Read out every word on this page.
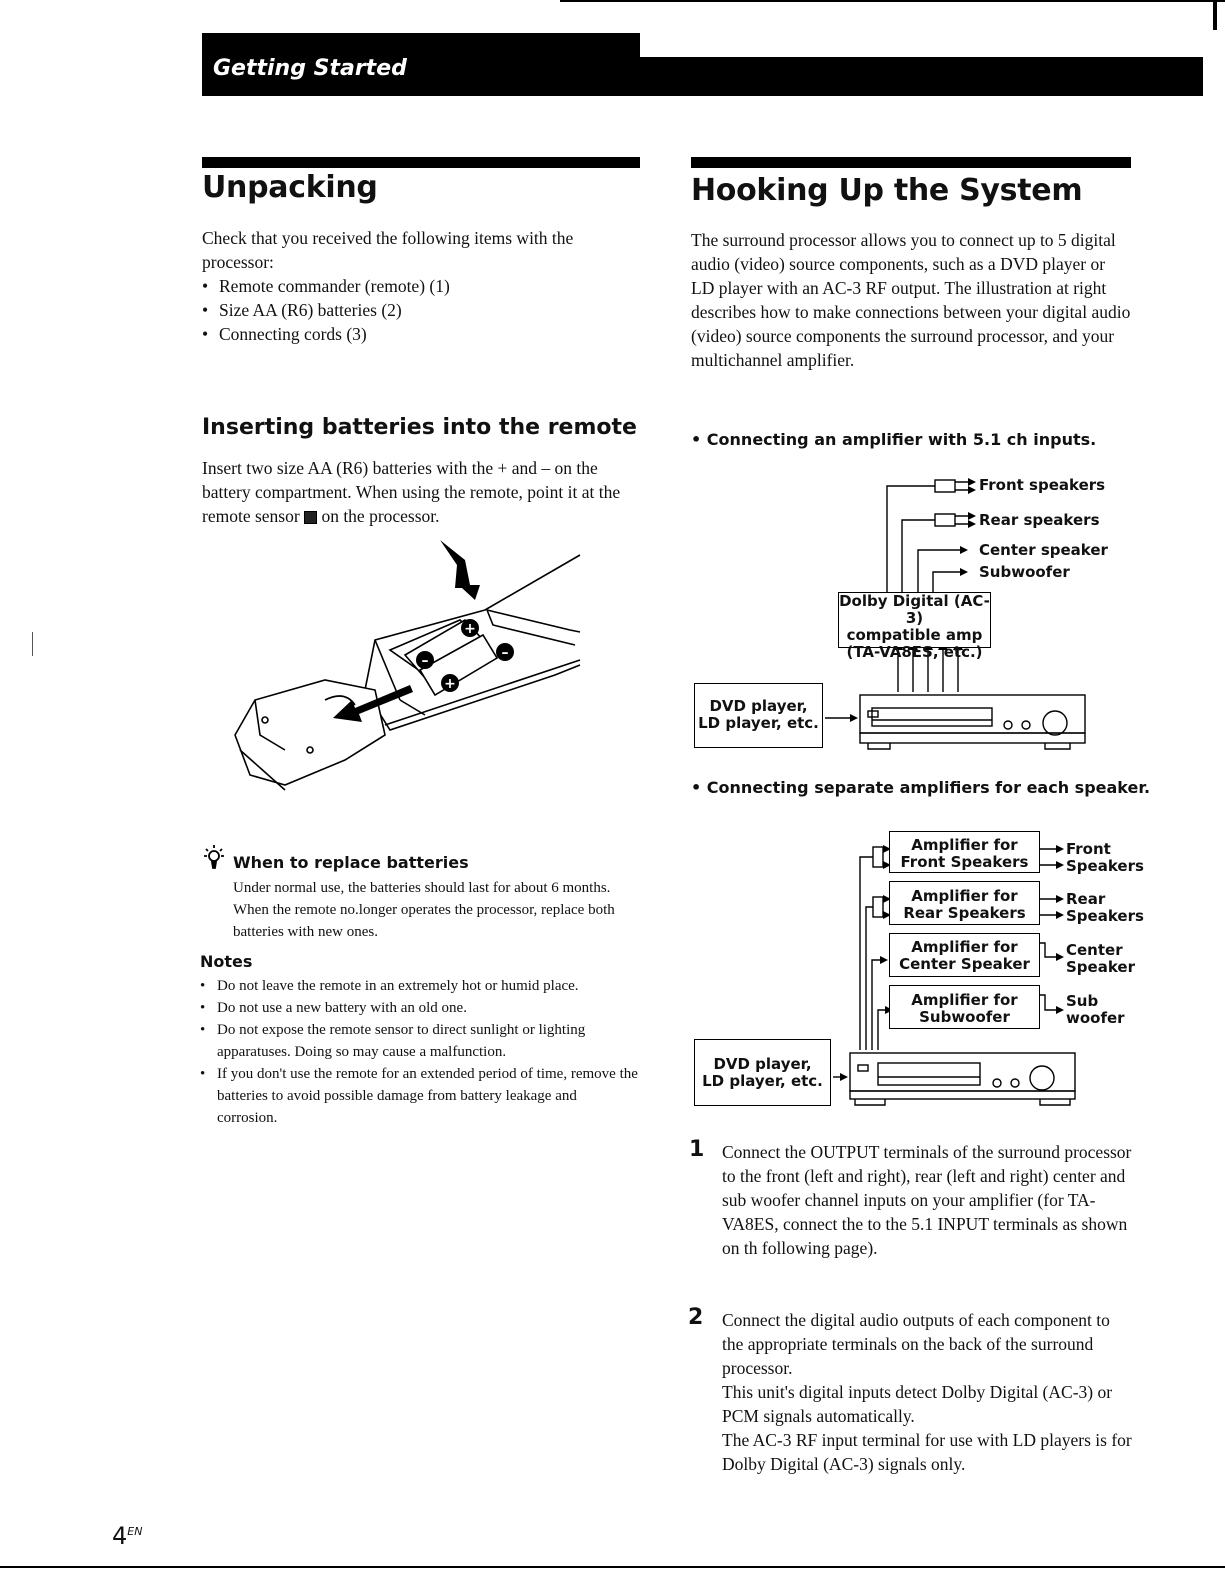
Getting Started
Unpacking
Check that you received the following items with the processor:
• Remote commander (remote) (1)
• Size AA (R6) batteries (2)
• Connecting cords (3)
Inserting batteries into the remote
Insert two size AA (R6) batteries with the + and – on the battery compartment. When using the remote, point it at the remote sensor  on the processor.
+
–	–
+
When to replace batteries
Under normal use, the batteries should last for about 6 months. When the remote no.longer operates the processor, replace both batteries with new ones.
Notes
• Do not leave the remote in an extremely hot or humid place.
• Do not use a new battery with an old one.
• Do not expose the remote sensor to direct sunlight or lighting apparatuses. Doing so may cause a malfunction.
• If you don't use the remote for an extended period of time, remove the batteries to avoid possible damage from battery leakage and corrosion.
Hooking Up the System
The surround processor allows you to connect up to 5 digital audio (video) source components, such as a DVD player or LD player with an AC-3 RF output. The illustration at right describes how to make connections between your digital audio (video) source components the surround processor, and your multichannel amplifier.
• Connecting an amplifier with 5.1 ch inputs.
Front speakers
Rear speakers
Center speaker
Subwoofer
Dolby Digital (AC-3)
compatible amp
(TA-VA8ES, etc.)
DVD player,
LD player, etc.
• Connecting separate amplifiers for each speaker.
Amplifier for
Front Speakers
Amplifier for
Rear Speakers
Amplifier for
Center Speaker
Amplifier for
Subwoofer
Front
Speakers
Rear
Speakers
Center
Speaker
Sub
woofer
DVD player,
LD player, etc.
1 Connect the OUTPUT terminals of the surround processor to the front (left and right), rear (left and right) center and sub woofer channel inputs on your amplifier (for TA-VA8ES, connect the to the 5.1 INPUT terminals as shown on th following page).
2 Connect the digital audio outputs of each component to the appropriate terminals on the back of the surround processor.
This unit's digital inputs detect Dolby Digital (AC-3) or PCM signals automatically.
The AC-3 RF input terminal for use with LD players is for Dolby Digital (AC-3) signals only.
$4^{EN}$
